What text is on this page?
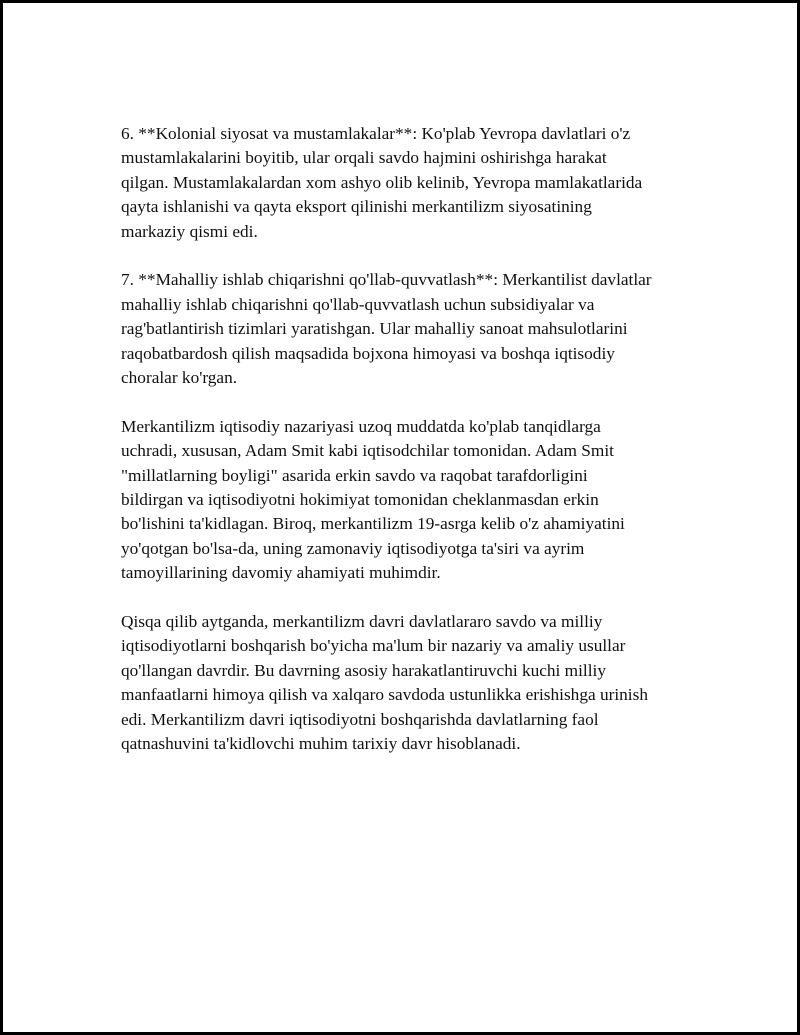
6. **Kolonial siyosat va mustamlakalar**: Ko'plab Yevropa davlatlari o'z
mustamlakalarini boyitib, ular orqali savdo hajmini oshirishga harakat
qilgan. Mustamlakalardan xom ashyo olib kelinib, Yevropa mamlakatlarida
qayta ishlanishi va qayta eksport qilinishi merkantilizm siyosatining
markaziy qismi edi.

7. **Mahalliy ishlab chiqarishni qo'llab-quvvatlash**: Merkantilist davlatlar
mahalliy ishlab chiqarishni qo'llab-quvvatlash uchun subsidiyalar va
rag'batlantirish tizimlari yaratishgan. Ular mahalliy sanoat mahsulotlarini
raqobatbardosh qilish maqsadida bojxona himoyasi va boshqa iqtisodiy
choralar ko'rgan.

Merkantilizm iqtisodiy nazariyasi uzoq muddatda ko'plab tanqidlarga
uchradi, xususan, Adam Smit kabi iqtisodchilar tomonidan. Adam Smit
"millatlarning boyligi" asarida erkin savdo va raqobat tarafdorligini
bildirgan va iqtisodiyotni hokimiyat tomonidan cheklanmasdan erkin
bo'lishini ta'kidlagan. Biroq, merkantilizm 19-asrga kelib o'z ahamiyatini
yo'qotgan bo'lsa-da, uning zamonaviy iqtisodiyotga ta'siri va ayrim
tamoyillarining davomiy ahamiyati muhimdir.

Qisqa qilib aytganda, merkantilizm davri davlatlararo savdo va milliy
iqtisodiyotlarni boshqarish bo'yicha ma'lum bir nazariy va amaliy usullar
qo'llangan davrdir. Bu davrning asosiy harakatlantiruvchi kuchi milliy
manfaatlarni himoya qilish va xalqaro savdoda ustunlikka erishishga urinish
edi. Merkantilizm davri iqtisodiyotni boshqarishda davlatlarning faol
qatnashuvini ta'kidlovchi muhim tarixiy davr hisoblanadi.
